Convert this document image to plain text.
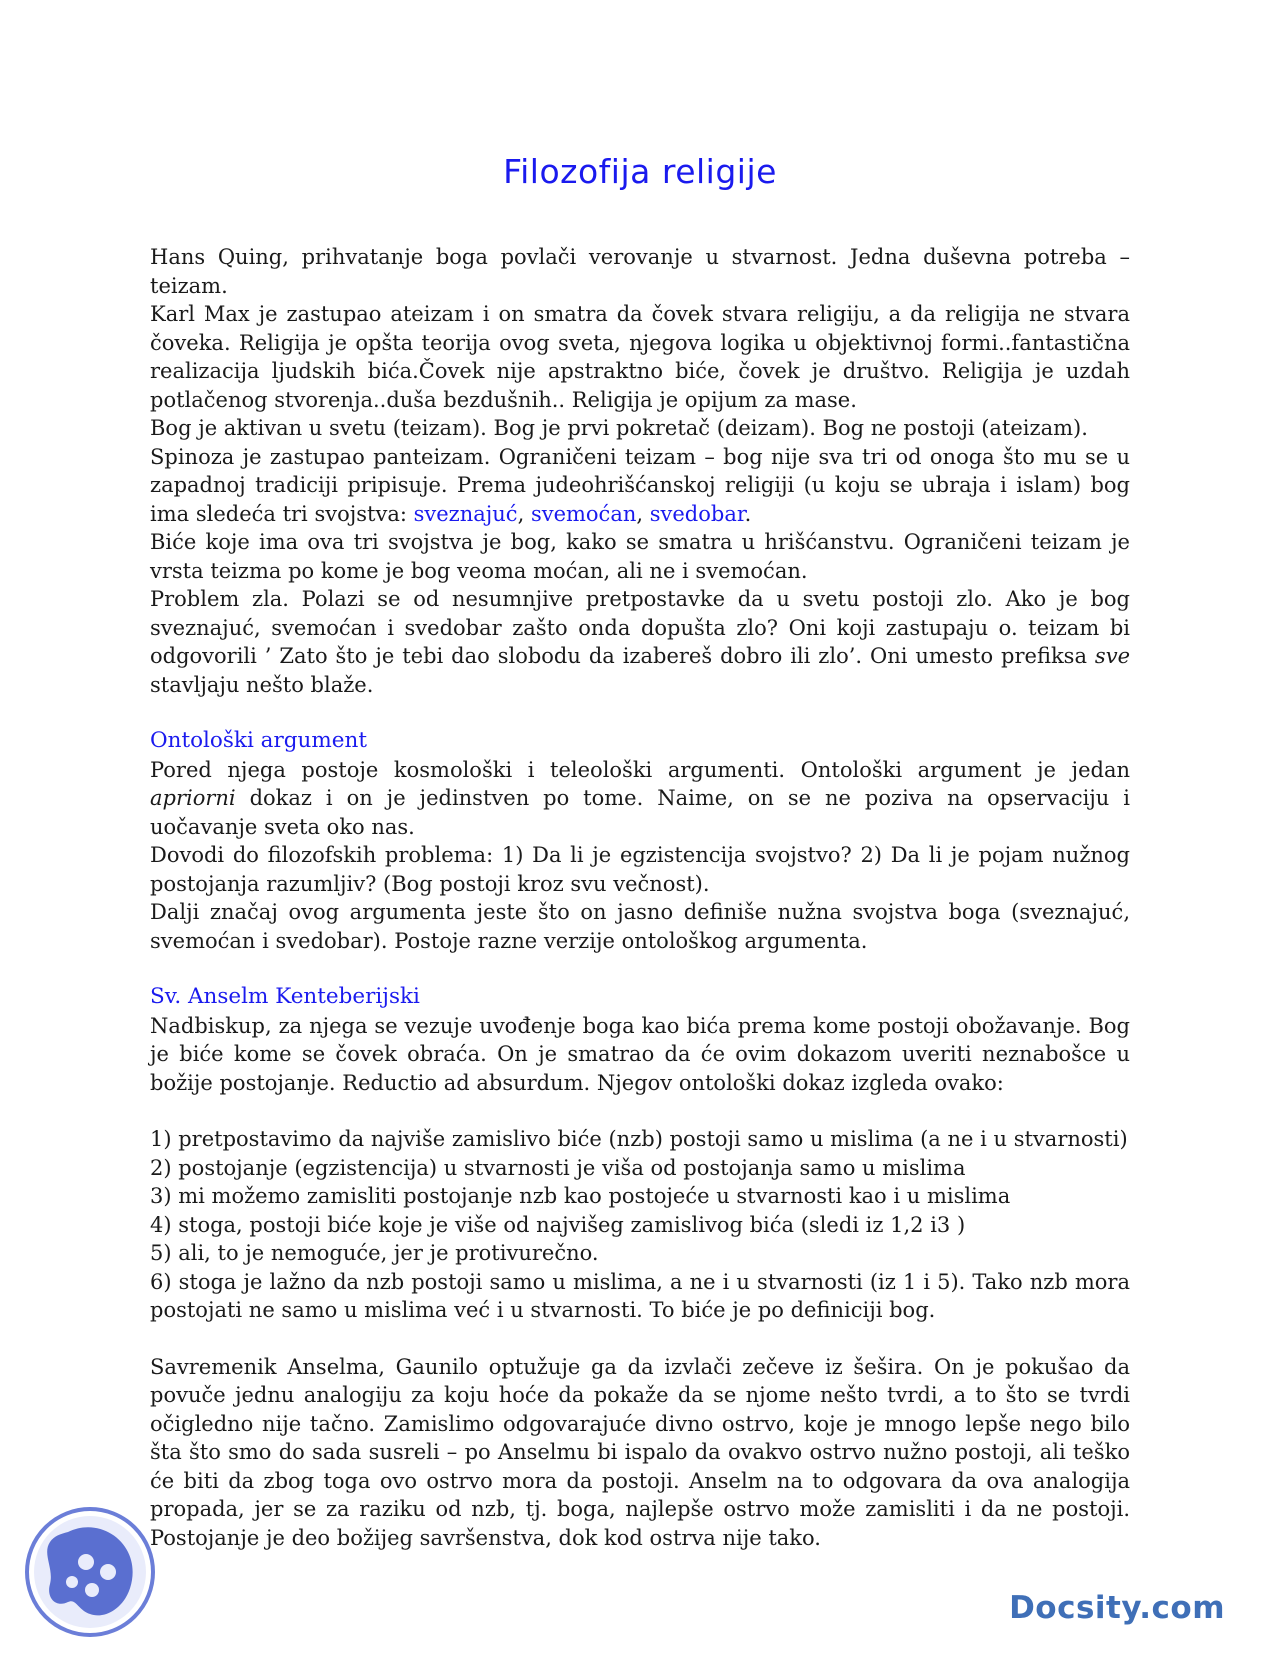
Filozofija religije

Hans Quing, prihvatanje boga povlači verovanje u stvarnost. Jedna duševna potreba – teizam.

Karl Max je zastupao ateizam i on smatra da čovek stvara religiju, a da religija ne stvara čoveka. Religija je opšta teorija ovog sveta, njegova logika u objektivnoj formi..fantastična realizacija ljudskih bića.Čovek nije apstraktno biće, čovek je društvo. Religija je uzdah potlačenog stvorenja..duša bezdušnih.. Religija je opijum za mase.

Bog je aktivan u svetu (teizam). Bog je prvi pokretač (deizam). Bog ne postoji (ateizam).

Spinoza je zastupao panteizam. Ograničeni teizam – bog nije sva tri od onoga što mu se u zapadnoj tradiciji pripisuje. Prema judeohrišćanskoj religiji (u koju se ubraja i islam) bog ima sledeća tri svojstva: sveznajuć, svemoćan, svedobar.

Biće koje ima ova tri svojstva je bog, kako se smatra u hrišćanstvu. Ograničeni teizam je vrsta teizma po kome je bog veoma moćan, ali ne i svemoćan.

Problem zla. Polazi se od nesumnjive pretpostavke da u svetu postoji zlo. Ako je bog sveznajuć, svemoćan i svedobar zašto onda dopušta zlo? Oni koji zastupaju o. teizam bi odgovorili ’ Zato što je tebi dao slobodu da izabereš dobro ili zlo’. Oni umesto prefiksa sve stavljaju nešto blaže.

Ontološki argument

Pored njega postoje kosmološki i teleološki argumenti. Ontološki argument je jedan apriorni dokaz i on je jedinstven po tome. Naime, on se ne poziva na opservaciju i uočavanje sveta oko nas.

Dovodi do filozofskih problema: 1) Da li je egzistencija svojstvo? 2) Da li je pojam nužnog postojanja razumljiv? (Bog postoji kroz svu večnost).

Dalji značaj ovog argumenta jeste što on jasno definiše nužna svojstva boga (sveznajuć, svemoćan i svedobar). Postoje razne verzije ontološkog argumenta.

Sv. Anselm Kenteberijski

Nadbiskup, za njega se vezuje uvođenje boga kao bića prema kome postoji obožavanje. Bog je biće kome se čovek obraća. On je smatrao da će ovim dokazom uveriti neznabošce u božije postojanje. Reductio ad absurdum. Njegov ontološki dokaz izgleda ovako:

1) pretpostavimo da najviše zamislivo biće (nzb) postoji samo u mislima (a ne i u stvarnosti)
2) postojanje (egzistencija) u stvarnosti je viša od postojanja samo u mislima
3) mi možemo zamisliti postojanje nzb kao postojeće u stvarnosti kao i u mislima
4) stoga, postoji biće koje je više od najvišeg zamislivog bića (sledi iz 1,2 i3 )
5) ali, to je nemoguće, jer je protivurečno.
6) stoga je lažno da nzb postoji samo u mislima, a ne i u stvarnosti (iz 1 i 5). Tako nzb mora postojati ne samo u mislima već i u stvarnosti. To biće je po definiciji bog.

Savremenik Anselma, Gaunilo optužuje ga da izvlači zečeve iz šešira. On je pokušao da povuče jednu analogiju za koju hoće da pokaže da se njome nešto tvrdi, a to što se tvrdi očigledno nije tačno. Zamislimo odgovarajuće divno ostrvo, koje je mnogo lepše nego bilo šta što smo do sada susreli – po Anselmu bi ispalo da ovakvo ostrvo nužno postoji, ali teško će biti da zbog toga ovo ostrvo mora da postoji. Anselm na to odgovara da ova analogija propada, jer se za raziku od nzb, tj. boga, najlepše ostrvo može zamisliti i da ne postoji. Postojanje je deo božijeg savršenstva, dok kod ostrva nije tako.

Docsity.com
